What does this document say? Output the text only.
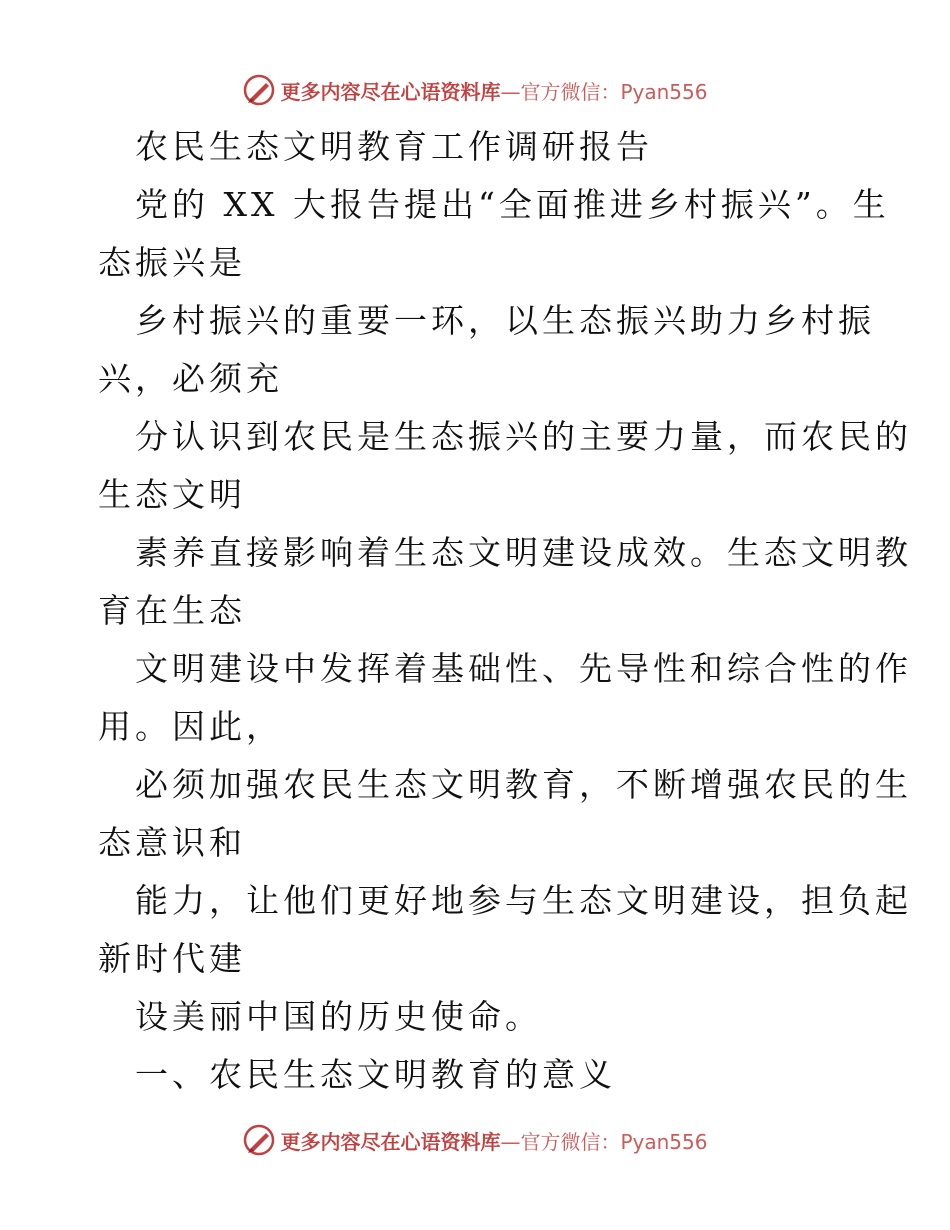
更多内容尽在心语资料库—官方微信：Pyan556
农民生态文明教育工作调研报告
党的 XX 大报告提出“全面推进乡村振兴”。生
态振兴是
乡村振兴的重要一环，以生态振兴助力乡村振
兴，必须充
分认识到农民是生态振兴的主要力量，而农民的
生态文明
素养直接影响着生态文明建设成效。生态文明教
育在生态
文明建设中发挥着基础性、先导性和综合性的作
用。因此，
必须加强农民生态文明教育，不断增强农民的生
态意识和
能力，让他们更好地参与生态文明建设，担负起
新时代建
设美丽中国的历史使命。
一、农民生态文明教育的意义
更多内容尽在心语资料库—官方微信：Pyan556
